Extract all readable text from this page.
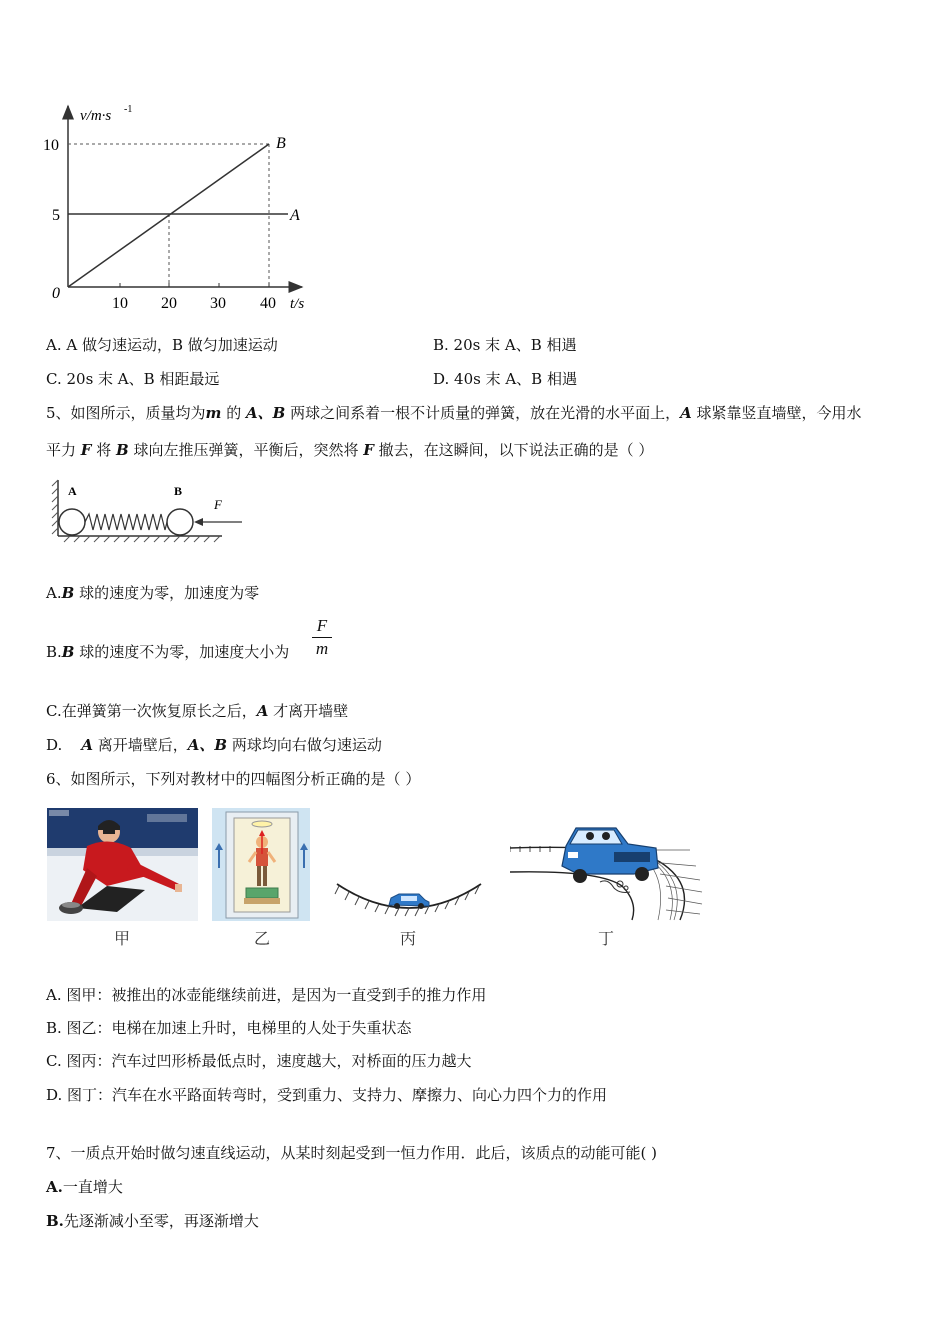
v/m·s -1
10
5
0
10 20 30 40 t/s
B
A
A. A 做匀速运动，B 做匀加速运动	B. 20s 末 A、B 相遇
C. 20s 末 A、B 相距最远	D. 40s 末 A、B 相遇
5、如图所示，质量均为m 的 A、B 两球之间系着一根不计质量的弹簧，放在光滑的水平面上，A 球紧靠竖直墙壁，今用水
平力 F 将 B 球向左推压弹簧，平衡后，突然将 F 撤去，在这瞬间，以下说法正确的是（ ）
A	B
F
A.B 球的速度为零，加速度为零
B.B 球的速度不为零，加速度大小为
F
m
C.在弹簧第一次恢复原长之后，A 才离开墙壁
D. A 离开墙壁后，A、B 两球均向右做匀速运动
6、如图所示，下列对教材中的四幅图分析正确的是（ ）
甲	乙	丙	丁
A. 图甲：被推出的冰壶能继续前进，是因为一直受到手的推力作用
B. 图乙：电梯在加速上升时，电梯里的人处于失重状态
C. 图丙：汽车过凹形桥最低点时，速度越大，对桥面的压力越大
D. 图丁：汽车在水平路面转弯时，受到重力、支持力、摩擦力、向心力四个力的作用
7、一质点开始时做匀速直线运动，从某时刻起受到一恒力作用．此后，该质点的动能可能( )
A.一直增大
B.先逐渐减小至零，再逐渐增大
